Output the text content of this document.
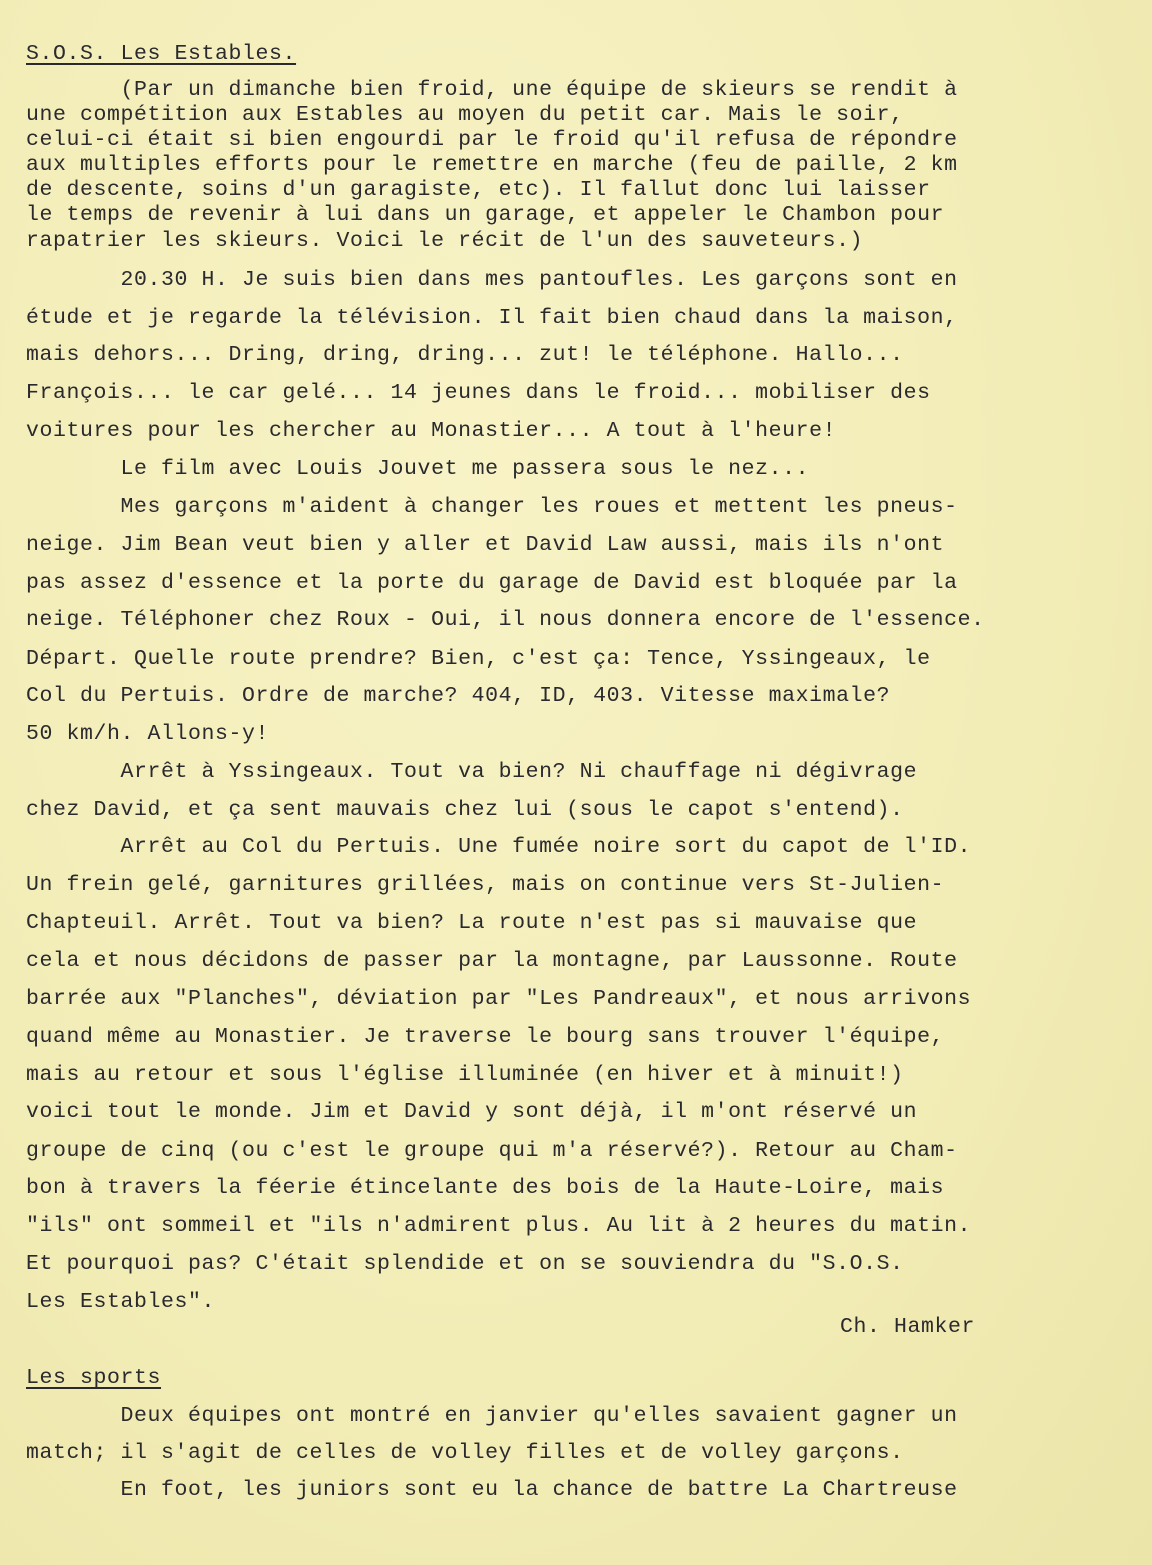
S.O.S. Les Estables.
(Par un dimanche bien froid, une équipe de skieurs se rendit à
une compétition aux Estables au moyen du petit car. Mais le soir,
celui-ci était si bien engourdi par le froid qu'il refusa de répondre
aux multiples efforts pour le remettre en marche (feu de paille, 2 km
de descente, soins d'un garagiste, etc). Il fallut donc lui laisser
le temps de revenir à lui dans un garage, et appeler le Chambon pour
rapatrier les skieurs. Voici le récit de l'un des sauveteurs.)
20.30 H. Je suis bien dans mes pantoufles. Les garçons sont en
étude et je regarde la télévision. Il fait bien chaud dans la maison,
mais dehors... Dring, dring, dring... zut! le téléphone. Hallo...
François... le car gelé... 14 jeunes dans le froid... mobiliser des
voitures pour les chercher au Monastier... A tout à l'heure!
Le film avec Louis Jouvet me passera sous le nez...
Mes garçons m'aident à changer les roues et mettent les pneus-
neige. Jim Bean veut bien y aller et David Law aussi, mais ils n'ont
pas assez d'essence et la porte du garage de David est bloquée par la
neige. Téléphoner chez Roux - Oui, il nous donnera encore de l'essence.
Départ. Quelle route prendre? Bien, c'est ça: Tence, Yssingeaux, le
Col du Pertuis. Ordre de marche? 404, ID, 403. Vitesse maximale?
50 km/h. Allons-y!
Arrêt à Yssingeaux. Tout va bien? Ni chauffage ni dégivrage
chez David, et ça sent mauvais chez lui (sous le capot s'entend).
Arrêt au Col du Pertuis. Une fumée noire sort du capot de l'ID.
Un frein gelé, garnitures grillées, mais on continue vers St-Julien-
Chapteuil. Arrêt. Tout va bien? La route n'est pas si mauvaise que
cela et nous décidons de passer par la montagne, par Laussonne. Route
barrée aux "Planches", déviation par "Les Pandreaux", et nous arrivons
quand même au Monastier. Je traverse le bourg sans trouver l'équipe,
mais au retour et sous l'église illuminée (en hiver et à minuit!)
voici tout le monde. Jim et David y sont déjà, il m'ont réservé un
groupe de cinq (ou c'est le groupe qui m'a réservé?). Retour au Cham-
bon à travers la féerie étincelante des bois de la Haute-Loire, mais
"ils" ont sommeil et "ils n'admirent plus. Au lit à 2 heures du matin.
Et pourquoi pas? C'était splendide et on se souviendra du "S.O.S.
Les Estables".
Ch. Hamker
Les sports
Deux équipes ont montré en janvier qu'elles savaient gagner un
match; il s'agit de celles de volley filles et de volley garçons.
En foot, les juniors sont eu la chance de battre La Chartreuse
